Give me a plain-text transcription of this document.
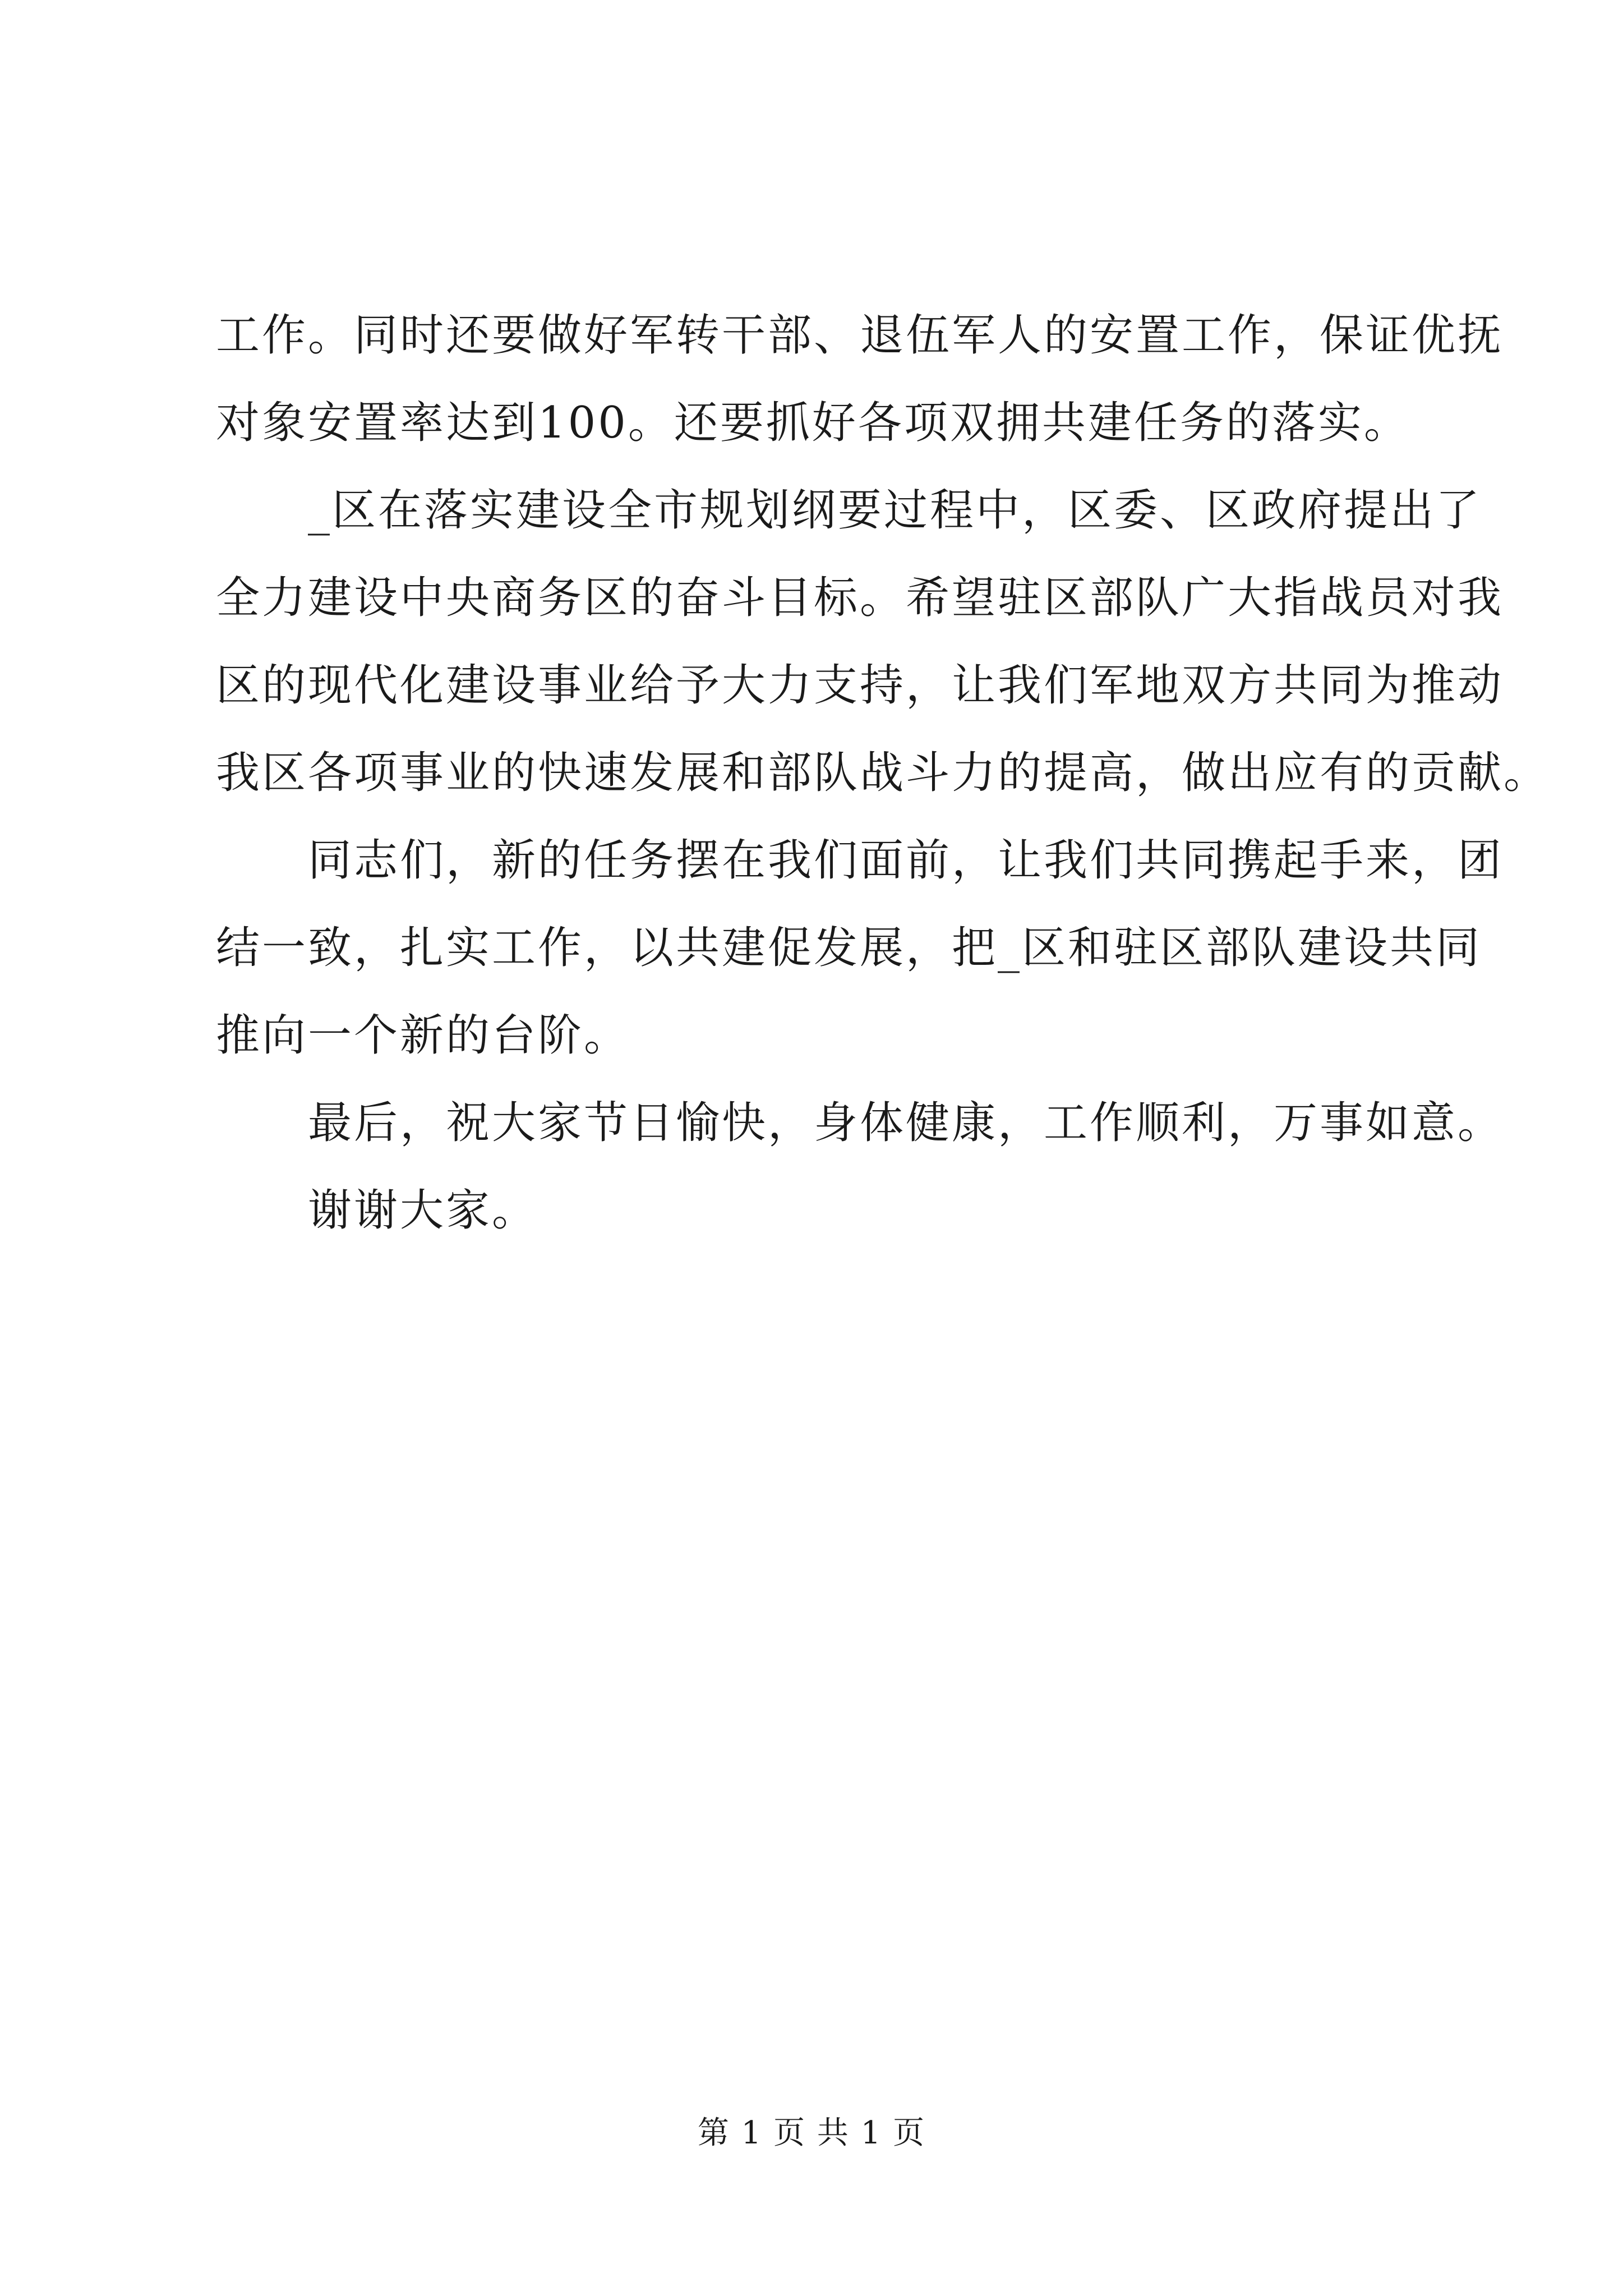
工作。同时还要做好军转干部、退伍军人的安置工作，保证优抚
对象安置率达到100。还要抓好各项双拥共建任务的落实。
　　_区在落实建设全市规划纲要过程中，区委、区政府提出了
全力建设中央商务区的奋斗目标。希望驻区部队广大指战员对我
区的现代化建设事业给予大力支持，让我们军地双方共同为推动
我区各项事业的快速发展和部队战斗力的提高，做出应有的贡献。
　　同志们，新的任务摆在我们面前，让我们共同携起手来，团
结一致，扎实工作，以共建促发展，把_区和驻区部队建设共同
推向一个新的台阶。
　　最后，祝大家节日愉快，身体健康，工作顺利，万事如意。
　　谢谢大家。
第 1 页 共 1 页
